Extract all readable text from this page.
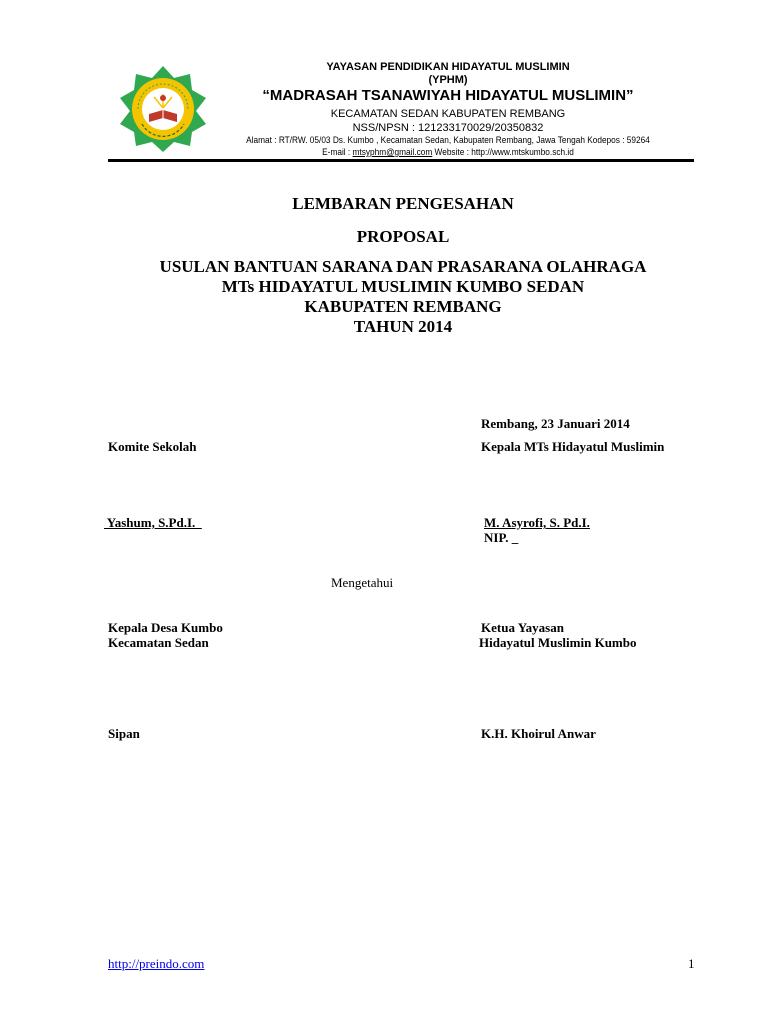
YAYASAN PENDIDIKAN HIDAYATUL MUSLIMIN
(YPHM)
“MADRASAH TSANAWIYAH HIDAYATUL MUSLIMIN”
KECAMATAN SEDAN KABUPATEN REMBANG
NSS/NPSN : 121233170029/20350832
Alamat : RT/RW. 05/03 Ds. Kumbo , Kecamatan Sedan, Kabupaten Rembang, Jawa Tengah Kodepos : 59264
E-mail : mtsyphm@gmail.com Website : http://www.mtskumbo.sch.id
LEMBARAN PENGESAHAN
PROPOSAL
USULAN BANTUAN SARANA DAN PRASARANA OLAHRAGA
MTs HIDAYATUL MUSLIMIN KUMBO SEDAN
KABUPATEN REMBANG
TAHUN 2014
Rembang, 23 Januari 2014
Komite Sekolah	Kepala MTs Hidayatul Muslimin
Yashum, S.Pd.I.	M. Asyrofi, S. Pd.I.
NIP. _
Mengetahui
Kepala Desa Kumbo
Kecamatan Sedan
Ketua Yayasan
Hidayatul Muslimin Kumbo
Sipan	K.H. Khoirul Anwar
http://preindo.com	1
